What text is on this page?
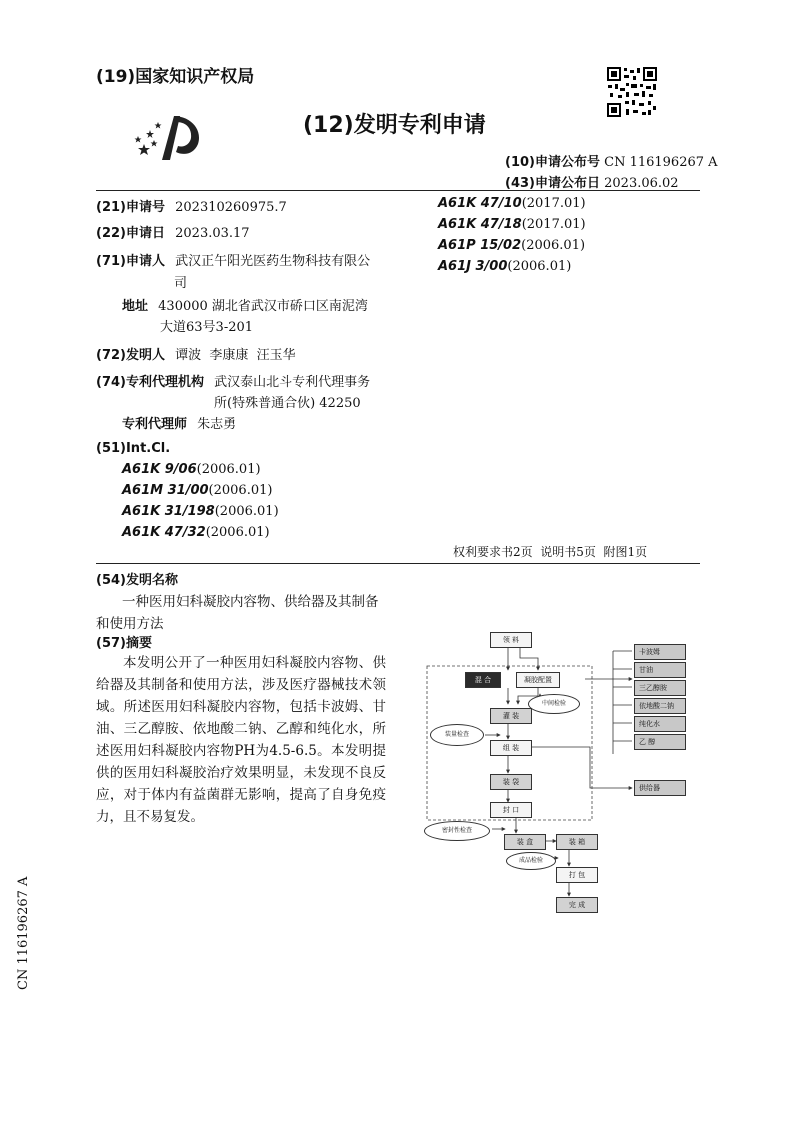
(19)国家知识产权局
(12)发明专利申请
(10)申请公布号 CN 116196267 A
(43)申请公布日 2023.06.02
(21)申请号 202310260975.7
(22)申请日 2023.03.17
(71)申请人 武汉正午阳光医药生物科技有限公
司
地址 430000 湖北省武汉市硚口区南泥湾
大道63号3-201
(72)发明人 谭波  李康康  汪玉华
(74)专利代理机构 武汉泰山北斗专利代理事务
所(特殊普通合伙) 42250
专利代理师 朱志勇
(51)Int.Cl.
A61K 9/06(2006.01)
A61M 31/00(2006.01)
A61K 31/198(2006.01)
A61K 47/32(2006.01)
A61K 47/10(2017.01)
A61K 47/18(2017.01)
A61P 15/02(2006.01)
A61J 3/00(2006.01)
权利要求书2页  说明书5页  附图1页
(54)发明名称
一种医用妇科凝胶内容物、供给器及其制备
和使用方法
(57)摘要
本发明公开了一种医用妇科凝胶内容物、供给器及其制备和使用方法，涉及医疗器械技术领域。所述医用妇科凝胶内容物，包括卡波姆、甘油、三乙醇胺、依地酸二钠、乙醇和纯化水，所述医用妇科凝胶内容物PH为4.5-6.5。本发明提供的医用妇科凝胶治疗效果明显，未发现不良反应，对于体内有益菌群无影响，提高了自身免疫力，且不易复发。
领 料
混 合	凝胶配置
中间检验
灌 装
装量检查
组 装
装 袋
封 口
密封性检查
装 盒	装 箱
成品检验
打 包
完 成
卡波姆
甘油
三乙醇胺
依地酸二钠
纯化水
乙 醇
供给器
CN 116196267 A
